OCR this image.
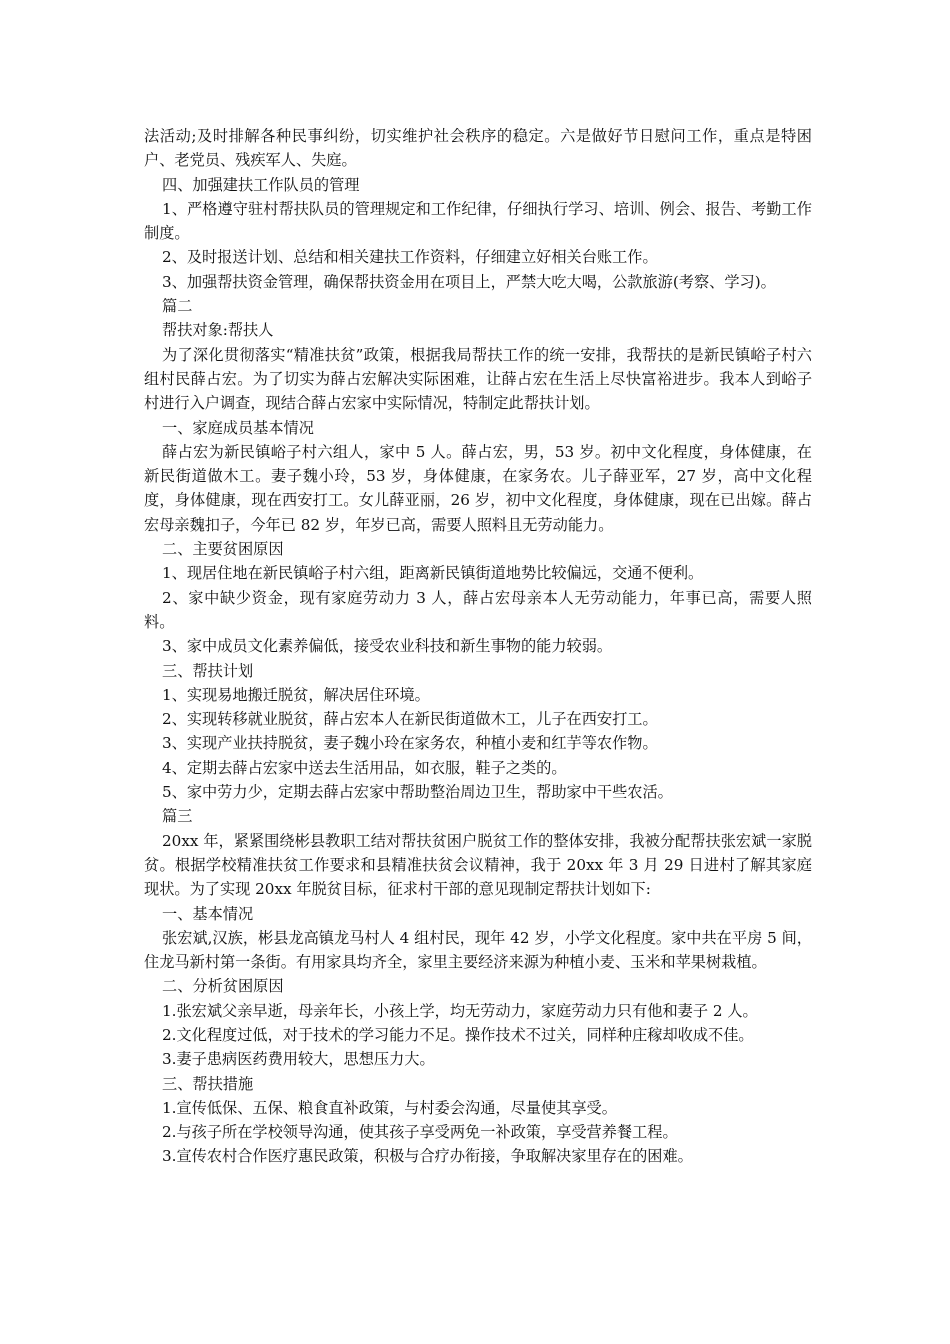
法活动;及时排解各种民事纠纷，切实维护社会秩序的稳定。六是做好节日慰问工作，重点是特困户、老党员、残疾军人、失庭。

四、加强建扶工作队员的管理

1、严格遵守驻村帮扶队员的管理规定和工作纪律，仔细执行学习、培训、例会、报告、考勤工作制度。

2、及时报送计划、总结和相关建扶工作资料，仔细建立好相关台账工作。

3、加强帮扶资金管理，确保帮扶资金用在项目上，严禁大吃大喝，公款旅游(考察、学习)。

篇二

帮扶对象:帮扶人

为了深化贯彻落实“精准扶贫”政策，根据我局帮扶工作的统一安排，我帮扶的是新民镇峪子村六组村民薛占宏。为了切实为薛占宏解决实际困难，让薛占宏在生活上尽快富裕进步。我本人到峪子村进行入户调查，现结合薛占宏家中实际情况，特制定此帮扶计划。

一、家庭成员基本情况

薛占宏为新民镇峪子村六组人，家中 5 人。薛占宏，男，53 岁。初中文化程度，身体健康，在新民街道做木工。妻子魏小玲，53 岁，身体健康，在家务农。儿子薛亚军，27 岁，高中文化程度，身体健康，现在西安打工。女儿薛亚丽，26 岁，初中文化程度，身体健康，现在已出嫁。薛占宏母亲魏扣子，今年已 82 岁，年岁已高，需要人照料且无劳动能力。

二、主要贫困原因

1、现居住地在新民镇峪子村六组，距离新民镇街道地势比较偏远，交通不便利。

2、家中缺少资金，现有家庭劳动力 3 人，薛占宏母亲本人无劳动能力，年事已高，需要人照料。

3、家中成员文化素养偏低，接受农业科技和新生事物的能力较弱。

三、帮扶计划

1、实现易地搬迁脱贫，解决居住环境。

2、实现转移就业脱贫，薛占宏本人在新民街道做木工，儿子在西安打工。

3、实现产业扶持脱贫，妻子魏小玲在家务农，种植小麦和红芋等农作物。

4、定期去薛占宏家中送去生活用品，如衣服，鞋子之类的。

5、家中劳力少，定期去薛占宏家中帮助整治周边卫生，帮助家中干些农活。

篇三

20xx 年，紧紧围绕彬县教职工结对帮扶贫困户脱贫工作的整体安排，我被分配帮扶张宏斌一家脱贫。根据学校精准扶贫工作要求和县精准扶贫会议精神，我于 20xx 年 3 月 29 日进村了解其家庭现状。为了实现 20xx 年脱贫目标，征求村干部的意见现制定帮扶计划如下:

一、基本情况

张宏斌,汉族，彬县龙高镇龙马村人 4 组村民，现年 42 岁，小学文化程度。家中共在平房 5 间，住龙马新村第一条街。有用家具均齐全，家里主要经济来源为种植小麦、玉米和苹果树栽植。

二、分析贫困原因

1.张宏斌父亲早逝，母亲年长，小孩上学，均无劳动力，家庭劳动力只有他和妻子 2 人。

2.文化程度过低，对于技术的学习能力不足。操作技术不过关，同样种庄稼却收成不佳。

3.妻子患病医药费用较大，思想压力大。

三、帮扶措施

1.宣传低保、五保、粮食直补政策，与村委会沟通，尽量使其享受。

2.与孩子所在学校领导沟通，使其孩子享受两免一补政策，享受营养餐工程。

3.宣传农村合作医疗惠民政策，积极与合疗办衔接，争取解决家里存在的困难。
